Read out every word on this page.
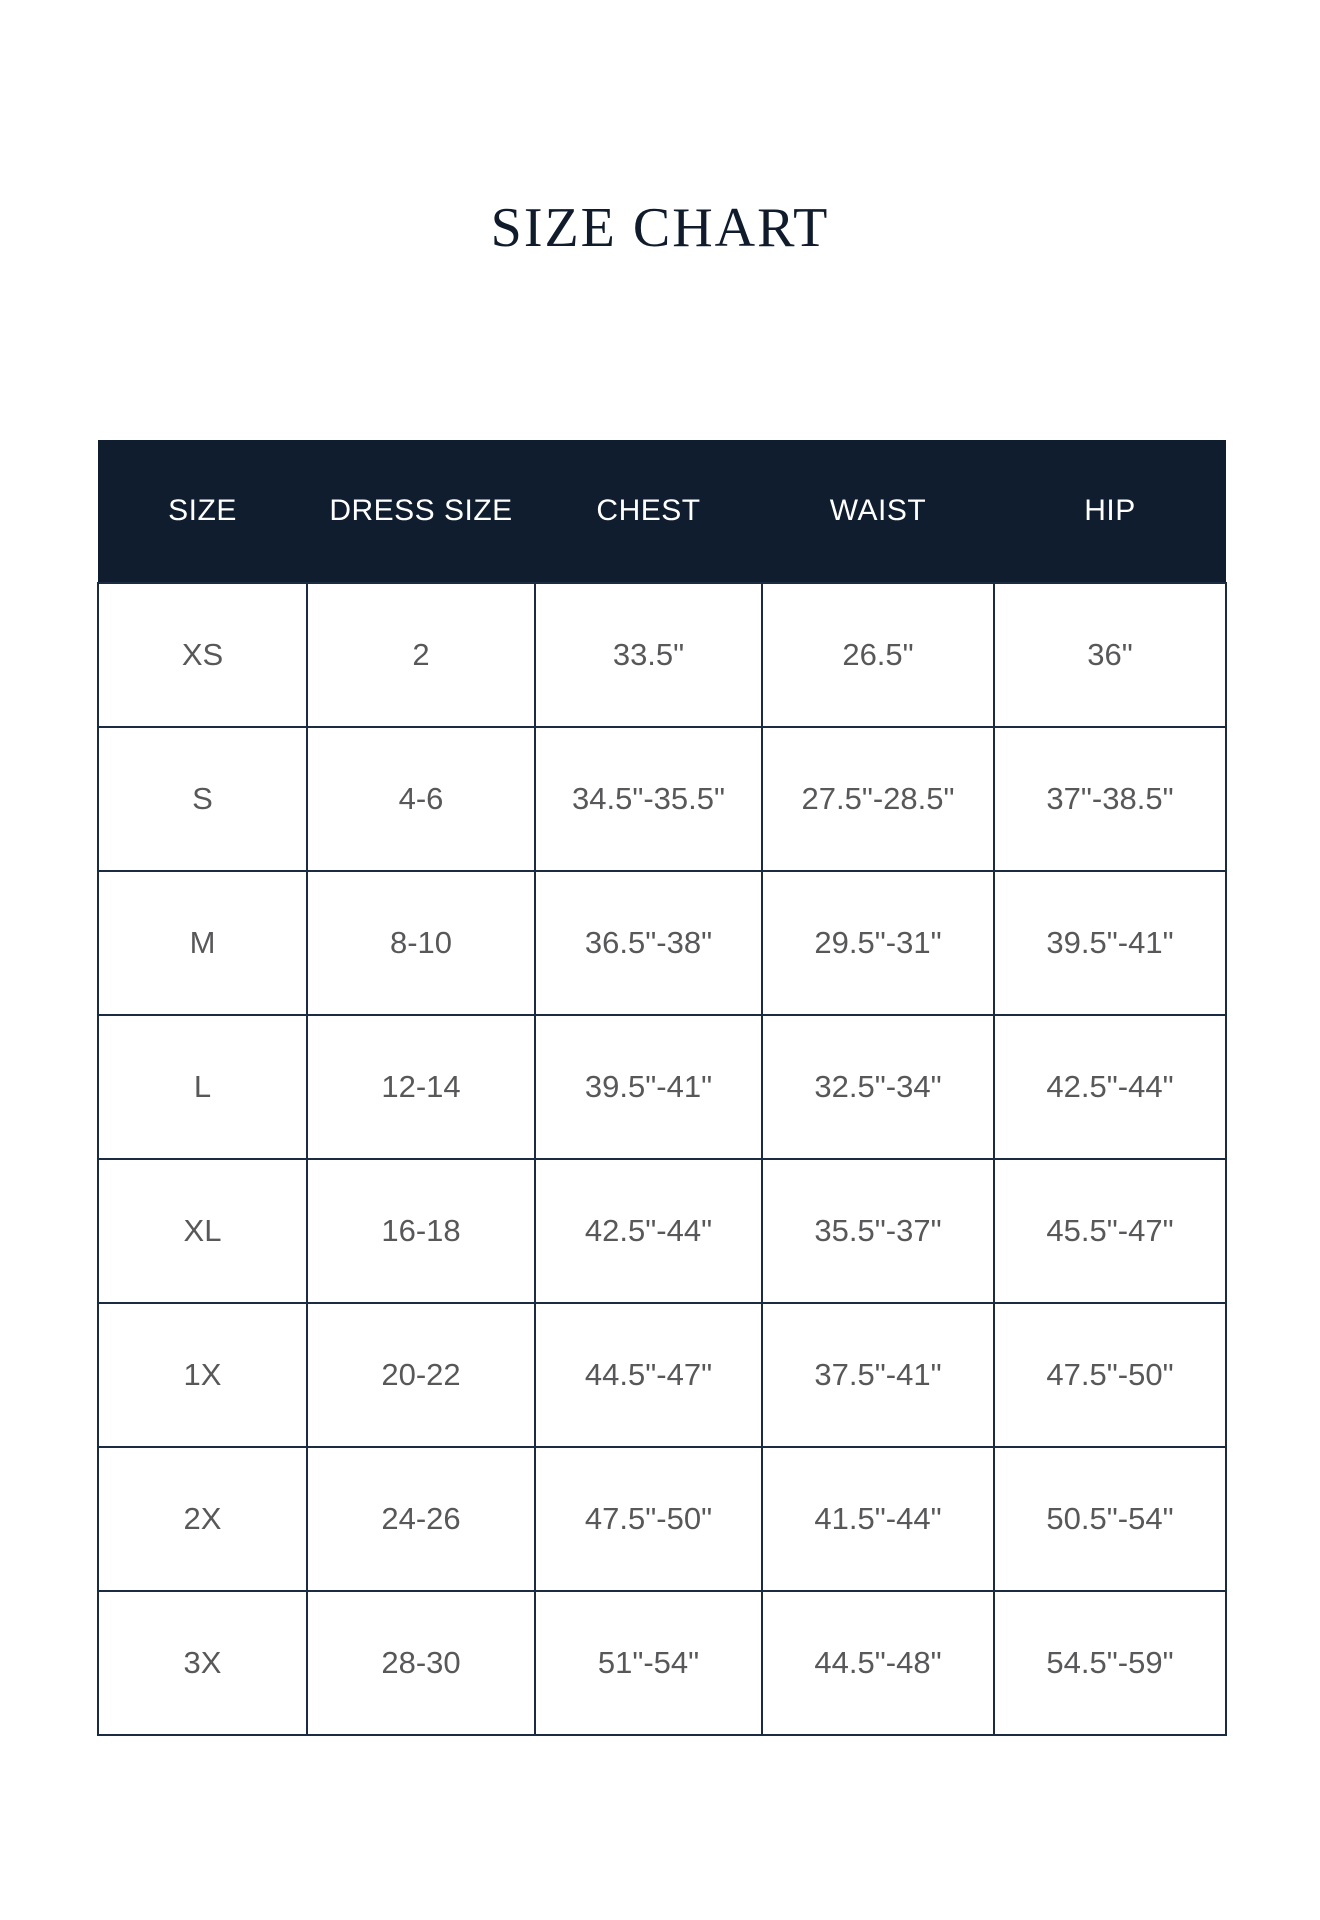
SIZE CHART
SIZE	DRESS SIZE	CHEST	WAIST	HIP
XS	2	33.5"	26.5"	36"
S	4-6	34.5"-35.5"	27.5"-28.5"	37"-38.5"
M	8-10	36.5"-38"	29.5"-31"	39.5"-41"
L	12-14	39.5"-41"	32.5"-34"	42.5"-44"
XL	16-18	42.5"-44"	35.5"-37"	45.5"-47"
1X	20-22	44.5"-47"	37.5"-41"	47.5"-50"
2X	24-26	47.5"-50"	41.5"-44"	50.5"-54"
3X	28-30	51"-54"	44.5"-48"	54.5"-59"
